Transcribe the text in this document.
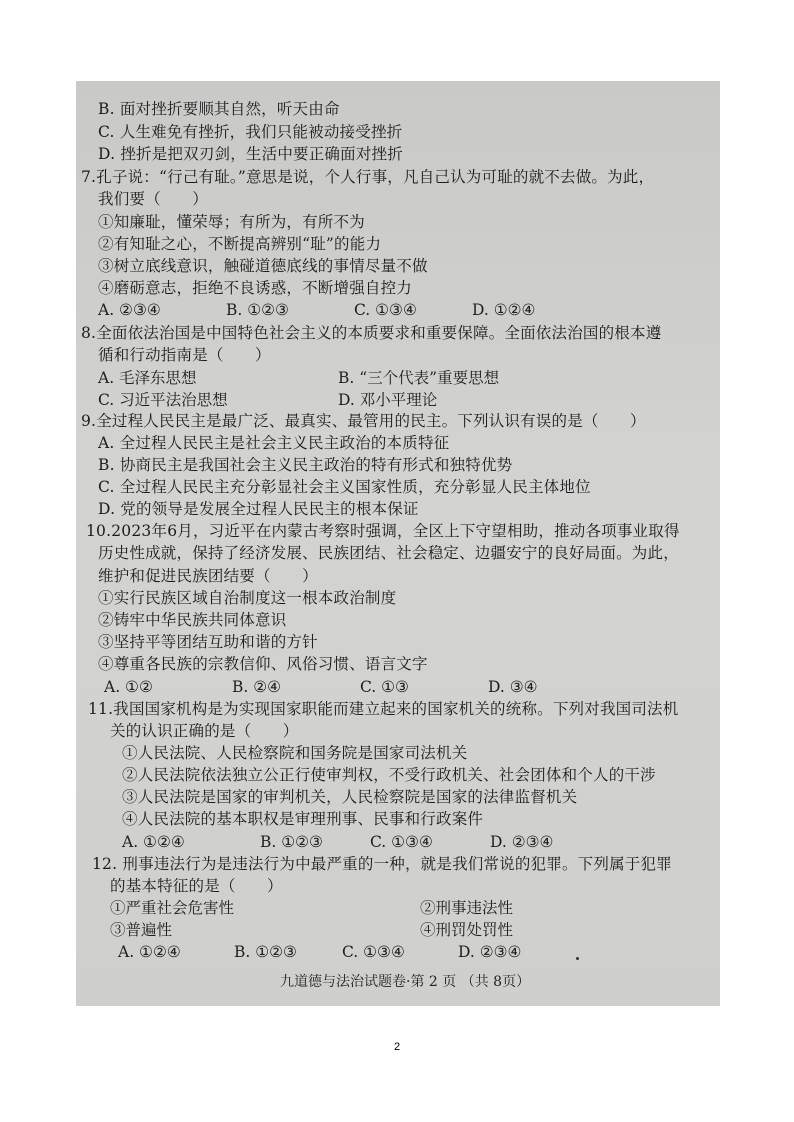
B. 面对挫折要顺其自然，听天由命
C. 人生难免有挫折，我们只能被动接受挫折
D. 挫折是把双刃剑，生活中要正确面对挫折
7.孔子说：“行己有耻。”意思是说，个人行事，凡自己认为可耻的就不去做。为此，
我们要（　　）
①知廉耻，懂荣辱；有所为，有所不为
②有知耻之心，不断提高辨别“耻”的能力
③树立底线意识，触碰道德底线的事情尽量不做
④磨砺意志，拒绝不良诱惑，不断增强自控力
8.全面依法治国是中国特色社会主义的本质要求和重要保障。全面依法治国的根本遵
循和行动指南是（　　）
9.全过程人民民主是最广泛、最真实、最管用的民主。下列认识有误的是（　　）
A. 全过程人民民主是社会主义民主政治的本质特征
B. 协商民主是我国社会主义民主政治的特有形式和独特优势
C. 全过程人民民主充分彰显社会主义国家性质，充分彰显人民主体地位
D. 党的领导是发展全过程人民民主的根本保证
10.2023年6月，习近平在内蒙古考察时强调，全区上下守望相助，推动各项事业取得
历史性成就，保持了经济发展、民族团结、社会稳定、边疆安宁的良好局面。为此，
维护和促进民族团结要（　　）
①实行民族区域自治制度这一根本政治制度
②铸牢中华民族共同体意识
③坚持平等团结互助和谐的方针
④尊重各民族的宗教信仰、风俗习惯、语言文字
11.我国国家机构是为实现国家职能而建立起来的国家机关的统称。下列对我国司法机
关的认识正确的是（　　）
①人民法院、人民检察院和国务院是国家司法机关
②人民法院依法独立公正行使审判权，不受行政机关、社会团体和个人的干涉
③人民法院是国家的审判机关，人民检察院是国家的法律监督机关
④人民法院的基本职权是审理刑事、民事和行政案件
12. 刑事违法行为是违法行为中最严重的一种，就是我们常说的犯罪。下列属于犯罪
的基本特征的是（　　）
A. ②③④	B. ①②③	C. ①③④	D. ①②④
A. 毛泽东思想	B. “三个代表”重要思想
C. 习近平法治思想	D. 邓小平理论
A. ①②	B. ②④	C. ①③	D. ③④
A. ①②④	B. ①②③	C. ①③④	D. ②③④
①严重社会危害性	②刑事违法性
③普遍性	④刑罚处罚性
A. ①②④	B. ①②③	C. ①③④	D. ②③④
九道德与法治试题卷·第 2 页 （共 8页）
2
